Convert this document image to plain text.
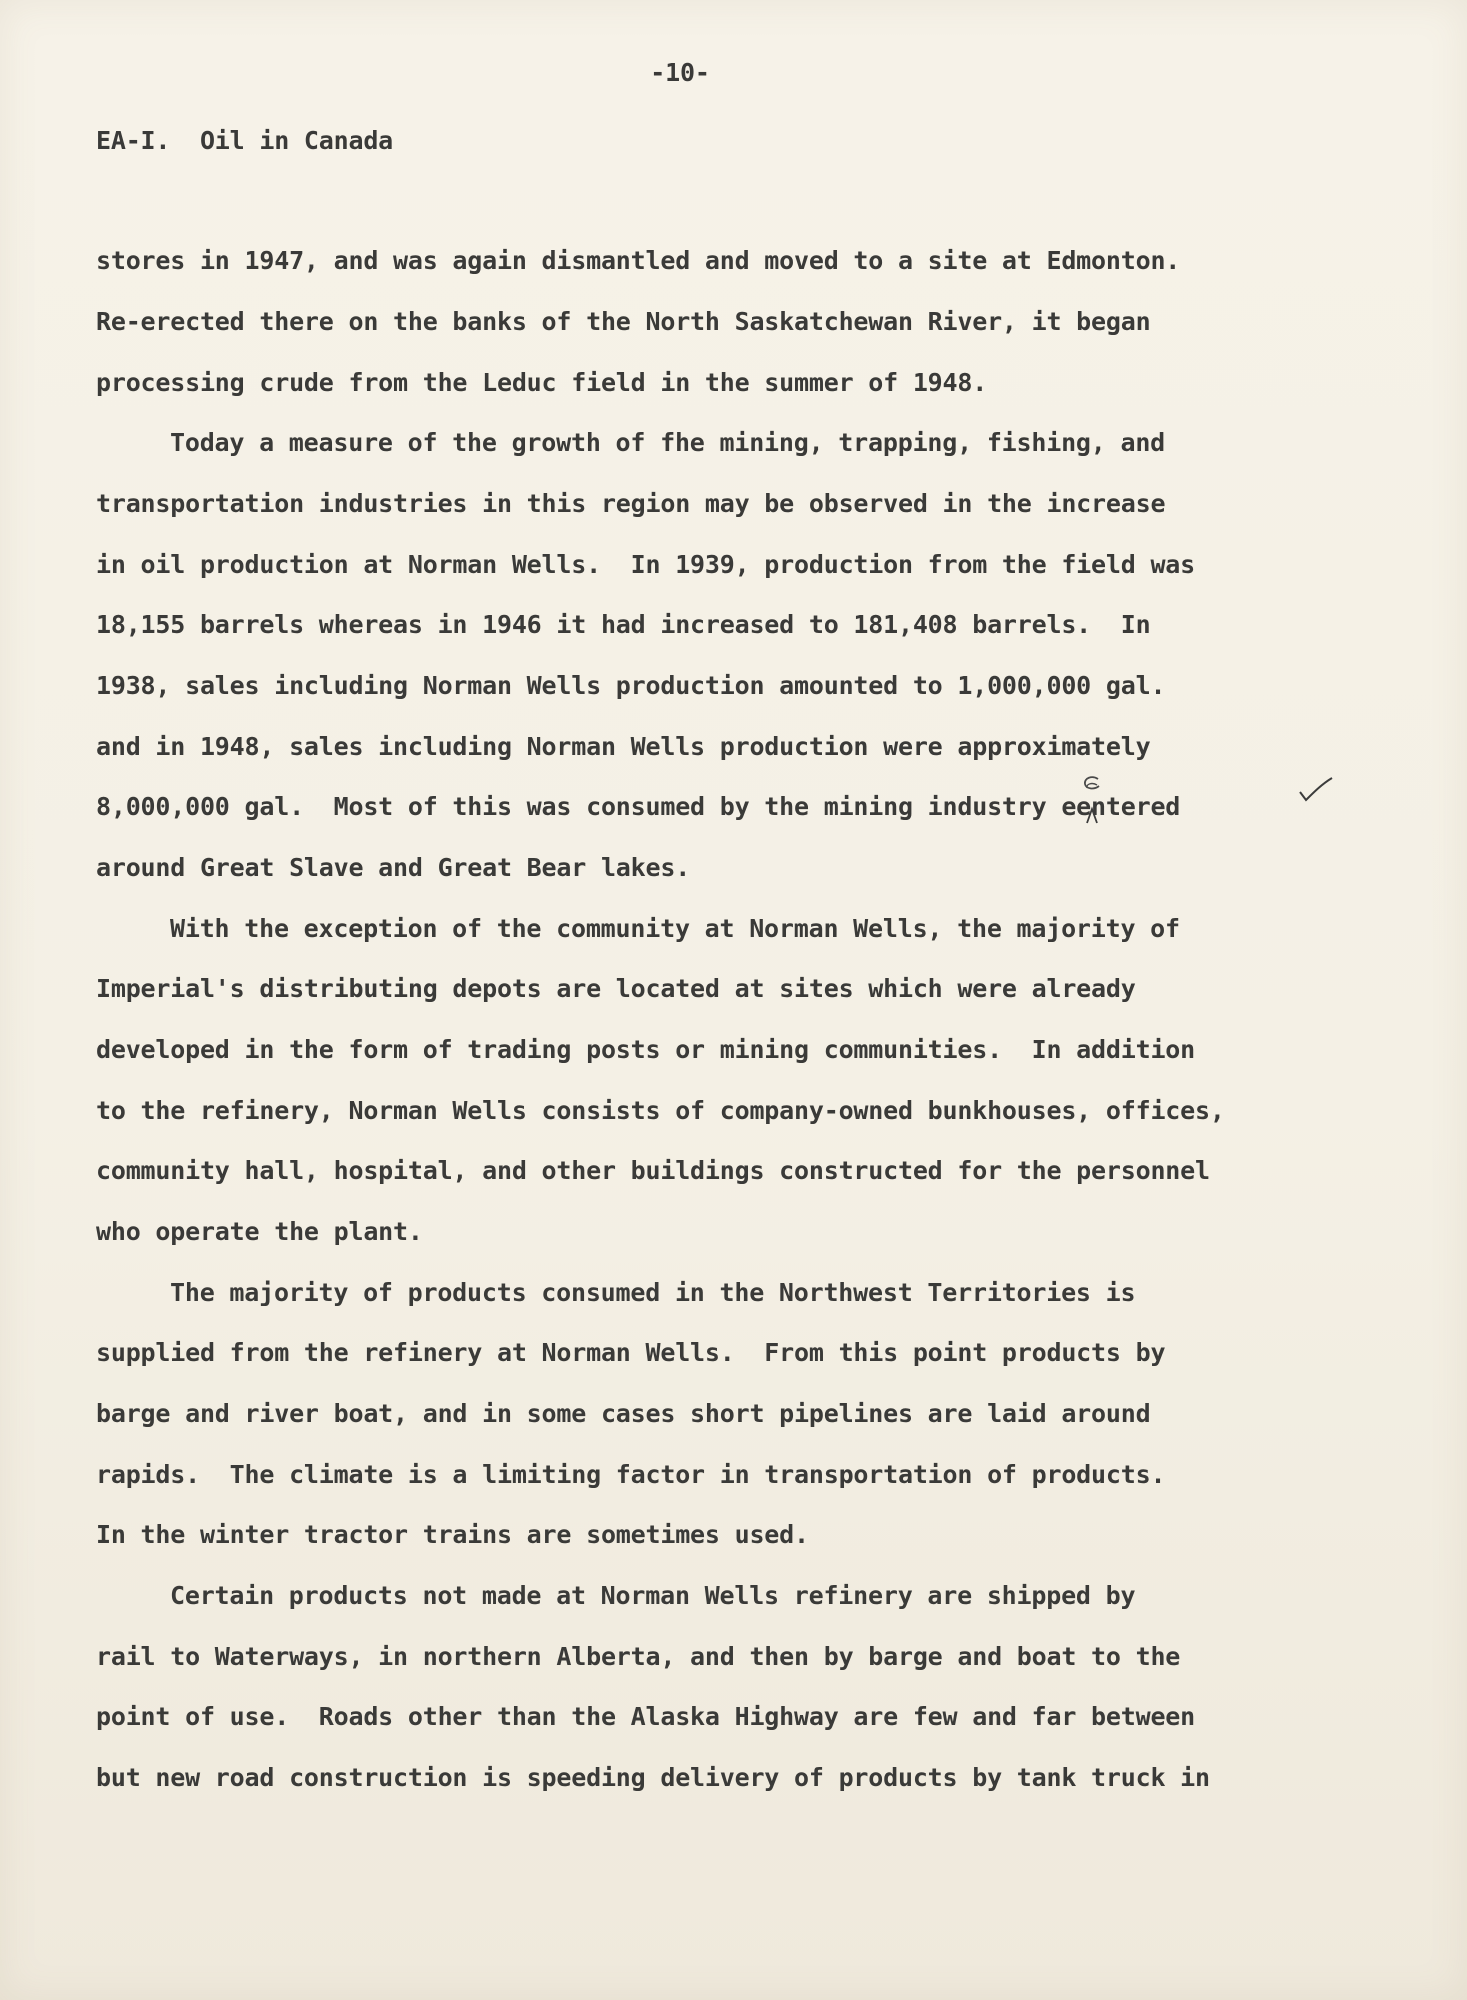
-10-

EA-I.  Oil in Canada

stores in 1947, and was again dismantled and moved to a site at Edmonton.

Re-erected there on the banks of the North Saskatchewan River, it began

processing crude from the Leduc field in the summer of 1948.

Today a measure of the growth of fhe mining, trapping, fishing, and

transportation industries in this region may be observed in the increase

in oil production at Norman Wells.  In 1939, production from the field was

18,155 barrels whereas in 1946 it had increased to 181,408 barrels.  In

1938, sales including Norman Wells production amounted to 1,000,000 gal.

and in 1948, sales including Norman Wells production were approximately

8,000,000 gal.  Most of this was consumed by the mining industry eentered

around Great Slave and Great Bear lakes.

With the exception of the community at Norman Wells, the majority of

Imperial's distributing depots are located at sites which were already

developed in the form of trading posts or mining communities.  In addition

to the refinery, Norman Wells consists of company-owned bunkhouses, offices,

community hall, hospital, and other buildings constructed for the personnel

who operate the plant.

The majority of products consumed in the Northwest Territories is

supplied from the refinery at Norman Wells.  From this point products by

barge and river boat, and in some cases short pipelines are laid around

rapids.  The climate is a limiting factor in transportation of products.

In the winter tractor trains are sometimes used.

Certain products not made at Norman Wells refinery are shipped by

rail to Waterways, in northern Alberta, and then by barge and boat to the

point of use.  Roads other than the Alaska Highway are few and far between

but new road construction is speeding delivery of products by tank truck in
